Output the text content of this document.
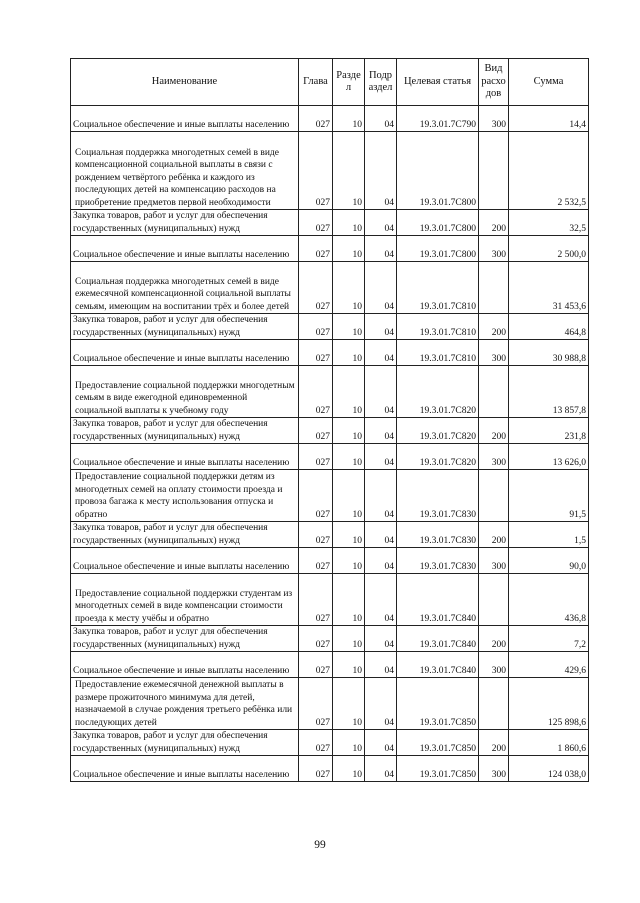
Наименование	Глава	Разде л	Подр аздел	Целевая статья	Вид расхо дов	Сумма
Социальное обеспечение и иные выплаты населению	027	10	04	19.3.01.7С790	300	14,4
Социальная поддержка многодетных семей в виде компенсационной социальной выплаты в связи с рождением четвёртого ребёнка и каждого из последующих детей на компенсацию расходов на приобретение предметов первой необходимости	027	10	04	19.3.01.7С800		2 532,5
Закупка товаров, работ и услуг для обеспечения государственных (муниципальных) нужд	027	10	04	19.3.01.7С800	200	32,5
Социальное обеспечение и иные выплаты населению	027	10	04	19.3.01.7С800	300	2 500,0
Социальная поддержка многодетных семей в виде ежемесячной компенсационной социальной выплаты семьям, имеющим на воспитании трёх и более детей	027	10	04	19.3.01.7С810		31 453,6
Закупка товаров, работ и услуг для обеспечения государственных (муниципальных) нужд	027	10	04	19.3.01.7С810	200	464,8
Социальное обеспечение и иные выплаты населению	027	10	04	19.3.01.7С810	300	30 988,8
Предоставление социальной поддержки многодетным семьям в виде ежегодной единовременной социальной выплаты к учебному году	027	10	04	19.3.01.7С820		13 857,8
Закупка товаров, работ и услуг для обеспечения государственных (муниципальных) нужд	027	10	04	19.3.01.7С820	200	231,8
Социальное обеспечение и иные выплаты населению	027	10	04	19.3.01.7С820	300	13 626,0
Предоставление социальной поддержки детям из многодетных семей на оплату стоимости проезда и провоза багажа к месту использования отпуска и обратно	027	10	04	19.3.01.7С830		91,5
Закупка товаров, работ и услуг для обеспечения государственных (муниципальных) нужд	027	10	04	19.3.01.7С830	200	1,5
Социальное обеспечение и иные выплаты населению	027	10	04	19.3.01.7С830	300	90,0
Предоставление социальной поддержки студентам из многодетных семей в виде компенсации стоимости проезда к месту учёбы и обратно	027	10	04	19.3.01.7С840		436,8
Закупка товаров, работ и услуг для обеспечения государственных (муниципальных) нужд	027	10	04	19.3.01.7С840	200	7,2
Социальное обеспечение и иные выплаты населению	027	10	04	19.3.01.7С840	300	429,6
Предоставление ежемесячной денежной выплаты в размере прожиточного минимума для детей, назначаемой в случае рождения третьего ребёнка или последующих детей	027	10	04	19.3.01.7С850		125 898,6
Закупка товаров, работ и услуг для обеспечения государственных (муниципальных) нужд	027	10	04	19.3.01.7С850	200	1 860,6
Социальное обеспечение и иные выплаты населению	027	10	04	19.3.01.7С850	300	124 038,0
99
